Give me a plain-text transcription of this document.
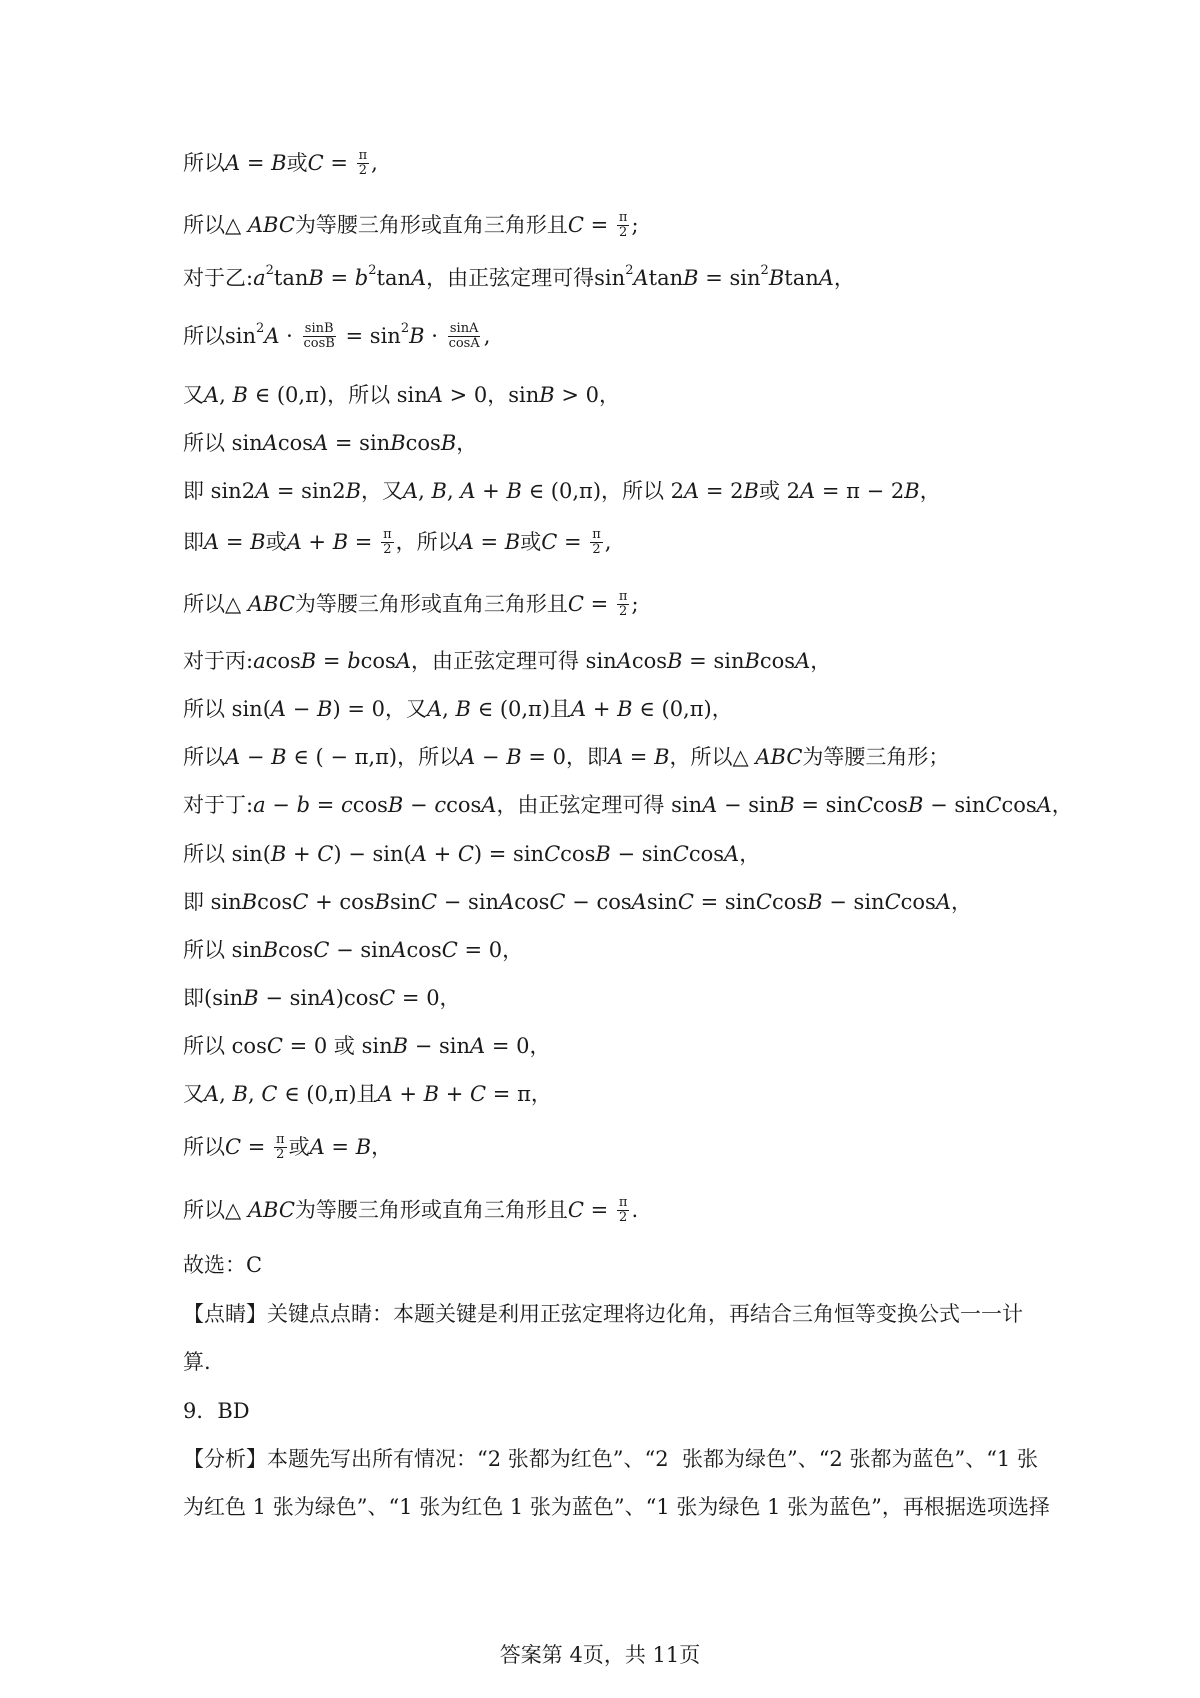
所以 A = B 或 $C = \frac{\pi}{2}$ ,
所以△ ABC 为等腰三角形或直角三角形且 $C = \frac{\pi}{2}$ ;
对于乙: $a^2$ $\tan B = b^2$ tan A ，由正弦定理可得$\sin^2 A$ $\tan B = \sin^2 B$ tan A ，
所以$\sin^2 A \cdot \frac{\sin B}{\cos B} = \sin^2 B \cdot \frac{\sin A}{\cos A}$ ,
又 A , B ∈ (0,π)，所以 sin A > 0，sin B > 0，
所以 sin A cos A = sin B cos B ，
即 sin2 A = sin2 B ，又 A , B , A + B ∈ (0,π)，所以 2 A = 2 B 或 2 A = π − 2 B ，
即 A = B 或 $A + B = \frac{\pi}{2}$ ，所以 A = B 或 $C = \frac{\pi}{2}$ ,
所以△ ABC 为等腰三角形或直角三角形且 $C = \frac{\pi}{2}$ ;
对于丙: a cos B = b cos A ，由正弦定理可得 sin A cos B = sin B cos A ，
所以 sin( A − B ) = 0，又 A , B ∈ (0,π)且 A + B ∈ (0,π)，
所以 A − B ∈ ( − π,π)，所以 A − B = 0，即 A = B ，所以△ ABC 为等腰三角形；
对于丁: a − b = c cos B − c cos A ，由正弦定理可得 sin A − sin B = sin C cos B − sin C cos A ，
所以 sin( B + C ) − sin( A + C ) = sin C cos B − sin C cos A ，
即 sin B cos C + cos B sin C − sin A cos C − cos A sin C = sin C cos B − sin C cos A ，
所以 sin B cos C − sin A cos C = 0，
即(sin B − sin A )cos C = 0，
所以 cos C = 0 或 sin B − sin A = 0，
又 A , B , C ∈ (0,π)且 A + B + C = π，
所以 $C = \frac{\pi}{2}$ 或 A = B ，
所以△ ABC 为等腰三角形或直角三角形且 $C = \frac{\pi}{2}$ .
故选：C
【点睛】关键点点睛：本题关键是利用正弦定理将边化角，再结合三角恒等变换公式一一计
算.
9．BD
【分析】本题先写出所有情况：“2 张都为红色”、“2  张都为绿色”、“2 张都为蓝色”、“1 张
为红色 1 张为绿色”、“1 张为红色 1 张为蓝色”、“1 张为绿色 1 张为蓝色”，再根据选项选择
答案第 4页，共 11页
